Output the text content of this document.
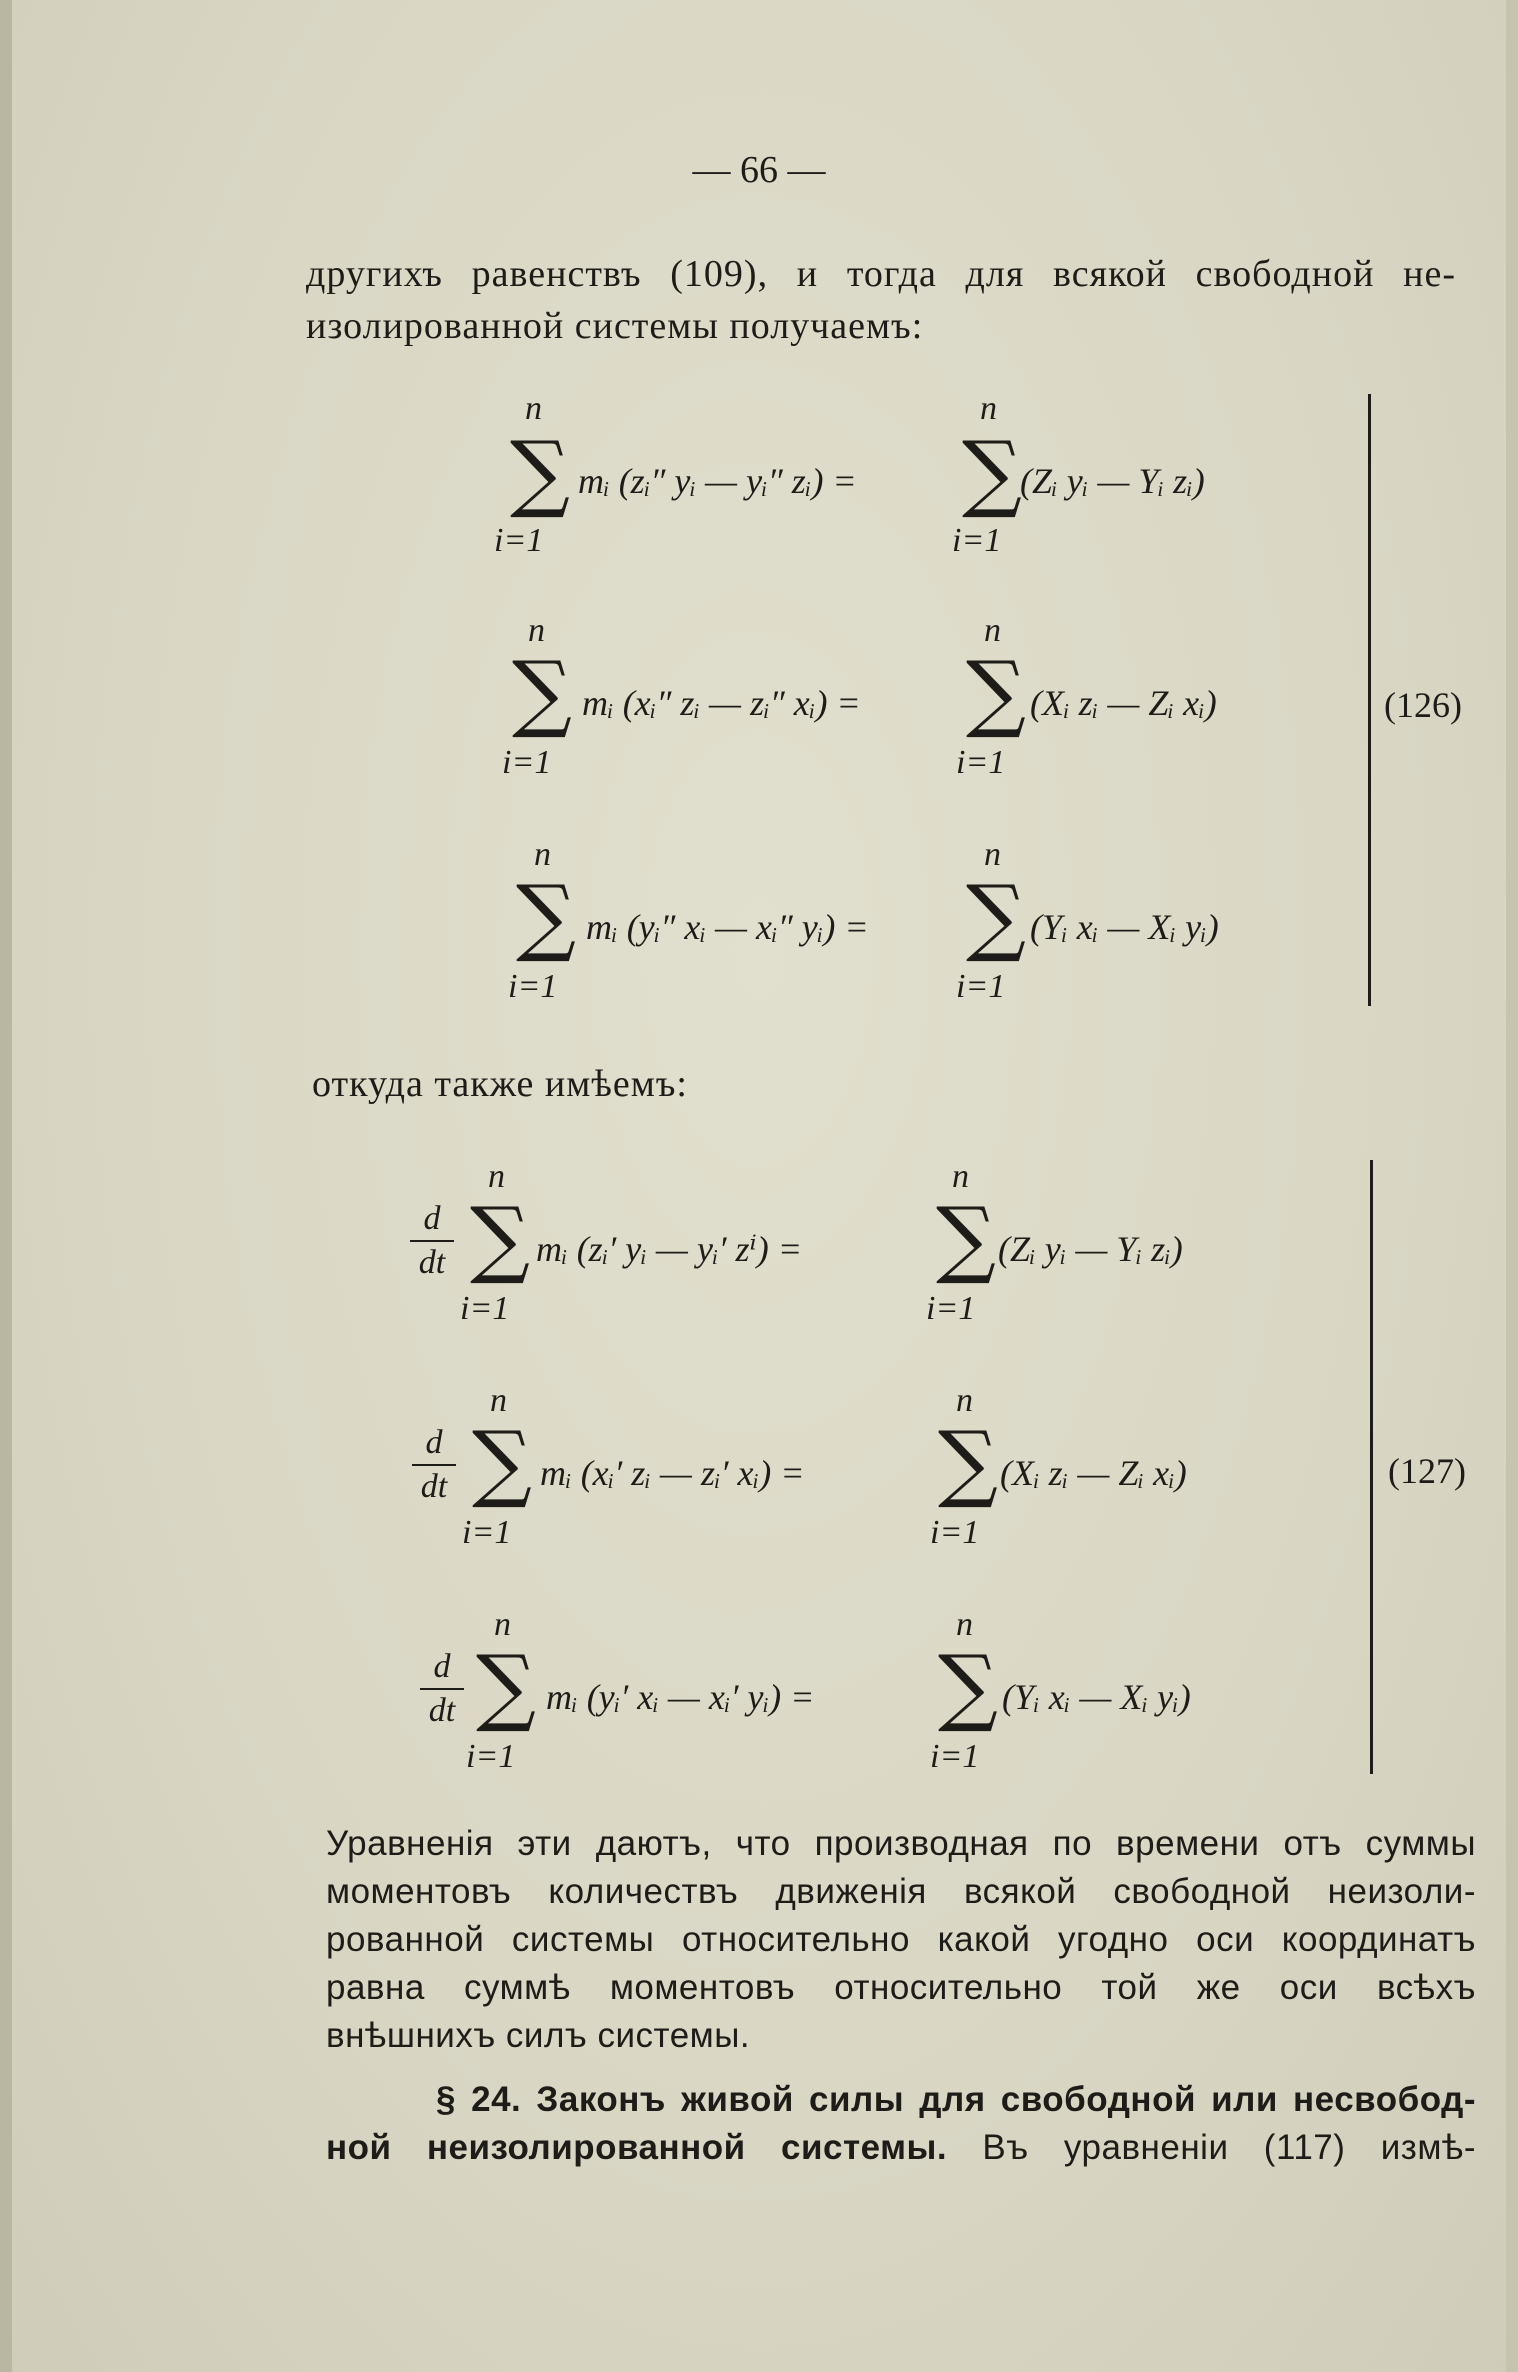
— 66 —
другихъ равенствъ (109), и тогда для всякой свободной не-
изолированной системы получаемъ:
n
∑
i=1
mᵢ (zᵢ″ yᵢ — yᵢ″ zᵢ) =
n
∑
i=1
(Zᵢ yᵢ — Yᵢ zᵢ)
n
∑
i=1
mᵢ (xᵢ″ zᵢ — zᵢ″ xᵢ) =
n
∑
i=1
(Xᵢ zᵢ — Zᵢ xᵢ)
n
∑
i=1
mᵢ (yᵢ″ xᵢ — xᵢ″ yᵢ) =
n
∑
i=1
(Yᵢ xᵢ — Xᵢ yᵢ)
(126)
откуда также имѣемъ:
d
dt
n
∑
i=1
mᵢ (zᵢ′ yᵢ — yᵢ′ zⁱ) =
n
∑
i=1
(Zᵢ yᵢ — Yᵢ zᵢ)
d
dt
n
∑
i=1
mᵢ (xᵢ′ zᵢ — zᵢ′ xᵢ) =
n
∑
i=1
(Xᵢ zᵢ — Zᵢ xᵢ)
d
dt
n
∑
i=1
mᵢ (yᵢ′ xᵢ — xᵢ′ yᵢ) =
n
∑
i=1
(Yᵢ xᵢ — Xᵢ yᵢ)
(127)
Уравненія эти даютъ, что производная по времени отъ суммы
моментовъ количествъ движенія всякой свободной неизоли-
рованной системы относительно какой угодно оси координатъ
равна суммѣ моментовъ относительно той же оси всѣхъ
внѣшнихъ силъ системы.
§ 24. Законъ живой силы для свободной или несвобод-
ной неизолированной системы. Въ уравненіи (117) измѣ-
